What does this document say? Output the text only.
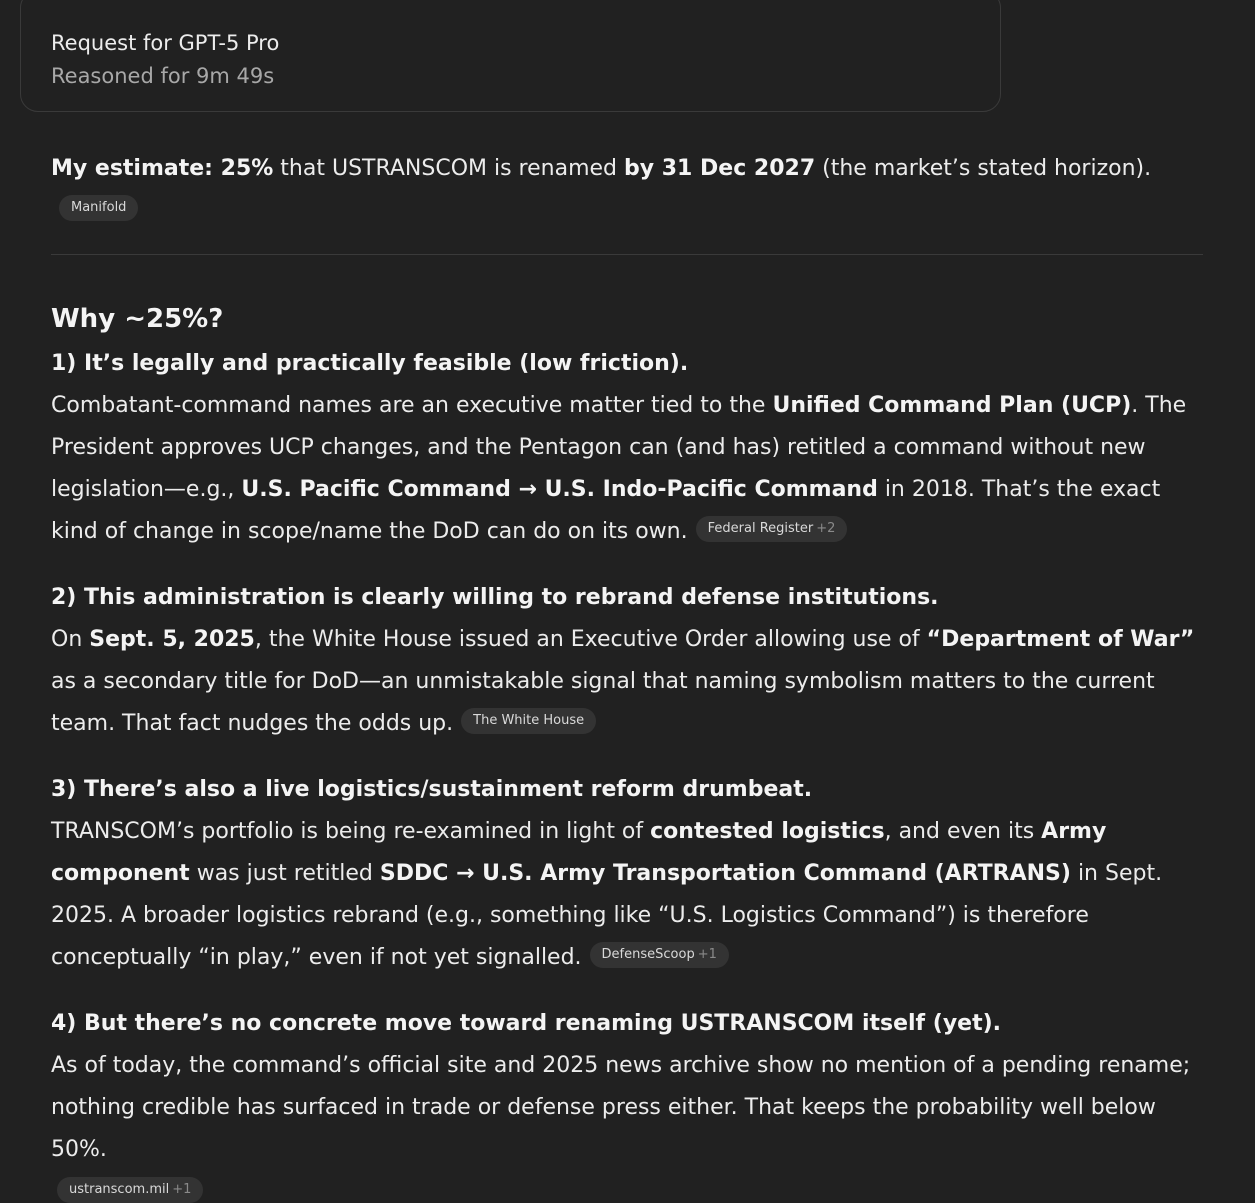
Request for GPT-5 Pro
Reasoned for 9m 49s

My estimate: 25% that USTRANSCOM is renamed by 31 Dec 2027 (the market’s stated horizon).Manifold

Why ~25%?

1) It’s legally and practically feasible (low friction).

Combatant-command names are an executive matter tied to the Unified Command Plan (UCP). The President approves UCP changes, and the Pentagon can (and has) retitled a command without new legislation—e.g., U.S. Pacific Command → U.S. Indo-Pacific Command in 2018. That’s the exact kind of change in scope/name the DoD can do on its own. Federal Register +2

2) This administration is clearly willing to rebrand defense institutions.

On Sept. 5, 2025, the White House issued an Executive Order allowing use of “Department of War” as a secondary title for DoD—an unmistakable signal that naming symbolism matters to the current team. That fact nudges the odds up. The White House

3) There’s also a live logistics/sustainment reform drumbeat.

TRANSCOM’s portfolio is being re-examined in light of contested logistics, and even its Army component was just retitled SDDC → U.S. Army Transportation Command (ARTRANS) in Sept. 2025. A broader logistics rebrand (e.g., something like “U.S. Logistics Command”) is therefore conceptually “in play,” even if not yet signalled. DefenseScoop +1

4) But there’s no concrete move toward renaming USTRANSCOM itself (yet).

As of today, the command’s official site and 2025 news archive show no mention of a pending rename; nothing credible has surfaced in trade or defense press either. That keeps the probability well below 50%.

ustranscom.mil +1
